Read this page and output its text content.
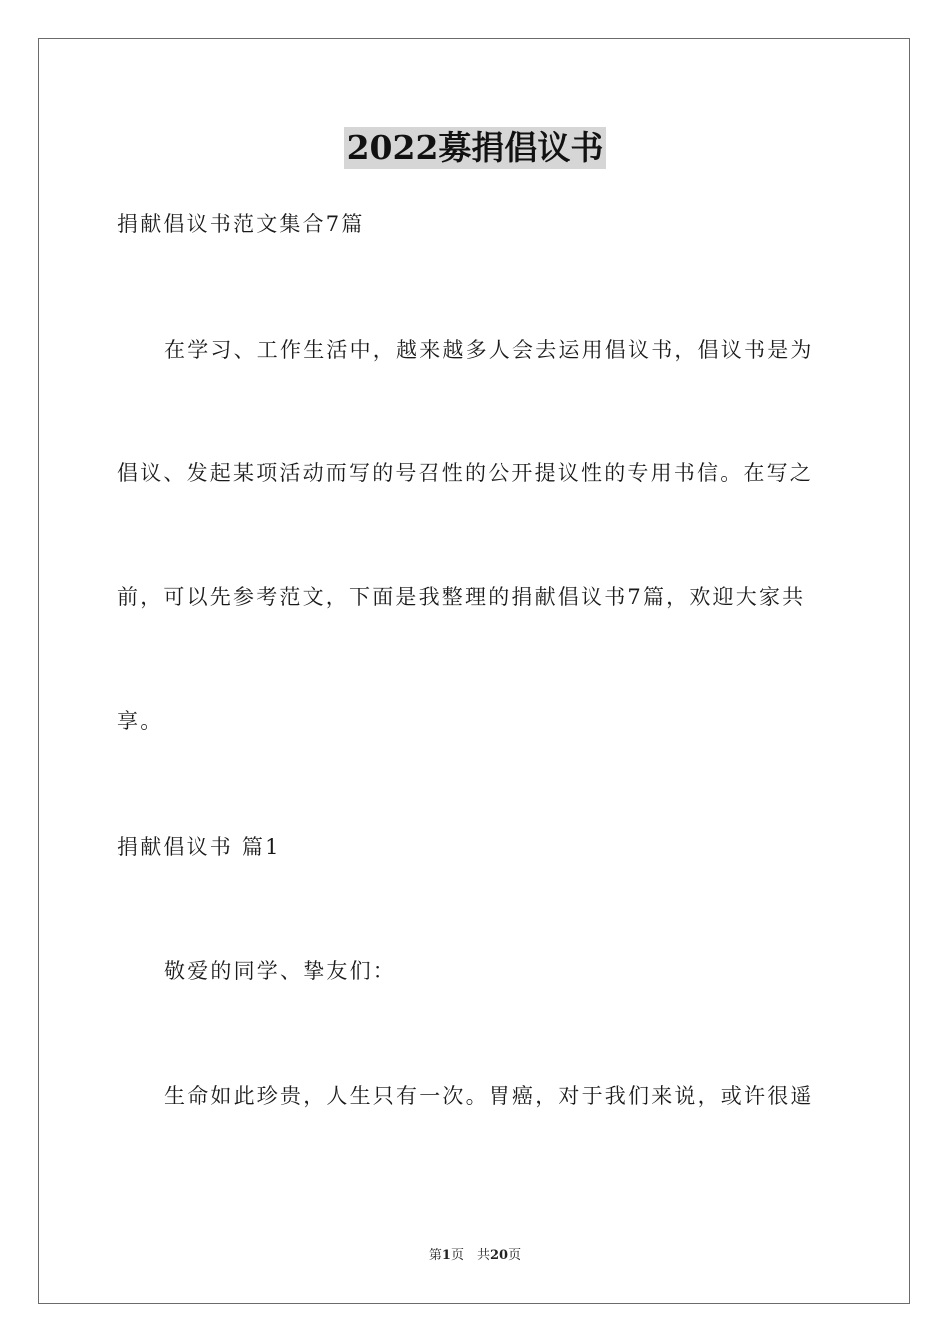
2022募捐倡议书
捐献倡议书范文集合7篇
在学习、工作生活中，越来越多人会去运用倡议书，倡议书是为
倡议、发起某项活动而写的号召性的公开提议性的专用书信。在写之
前，可以先参考范文，下面是我整理的捐献倡议书7篇，欢迎大家共
享。
捐献倡议书 篇1
敬爱的同学、挚友们：
生命如此珍贵，人生只有一次。胃癌，对于我们来说，或许很遥
第1页　共20页
